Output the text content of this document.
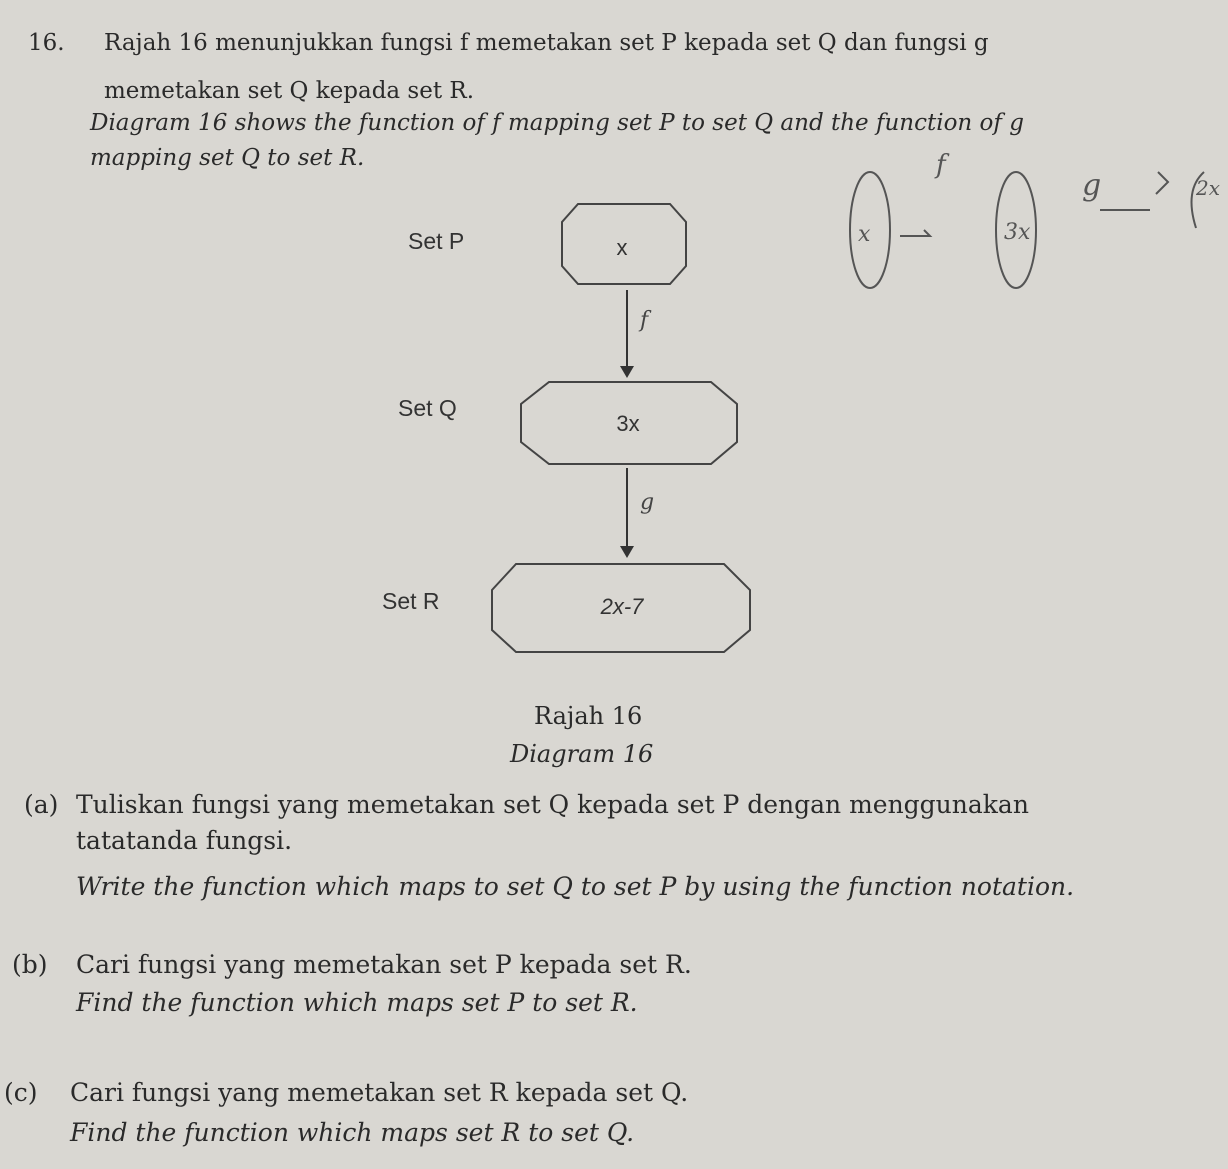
16. Rajah 16 menunjukkan fungsi f memetakan set P kepada set Q dan fungsi g
memetakan set Q kepada set R.
Diagram 16 shows the function of f mapping set P to set Q and the function of g
mapping set Q to set R.
Set P	x
f
Set Q
3x
g
Set R	2x-7
Rajah 16
Diagram 16
f
g
x	3x
2x
(a) Tuliskan fungsi yang memetakan set Q kepada set P dengan menggunakan
tatatanda fungsi.
Write the function which maps to set Q to set P by using the function notation.
(b) Cari fungsi yang memetakan set P kepada set R.
Find the function which maps set P to set R.
(c) Cari fungsi yang memetakan set R kepada set Q.
Find the function which maps set R to set Q.
